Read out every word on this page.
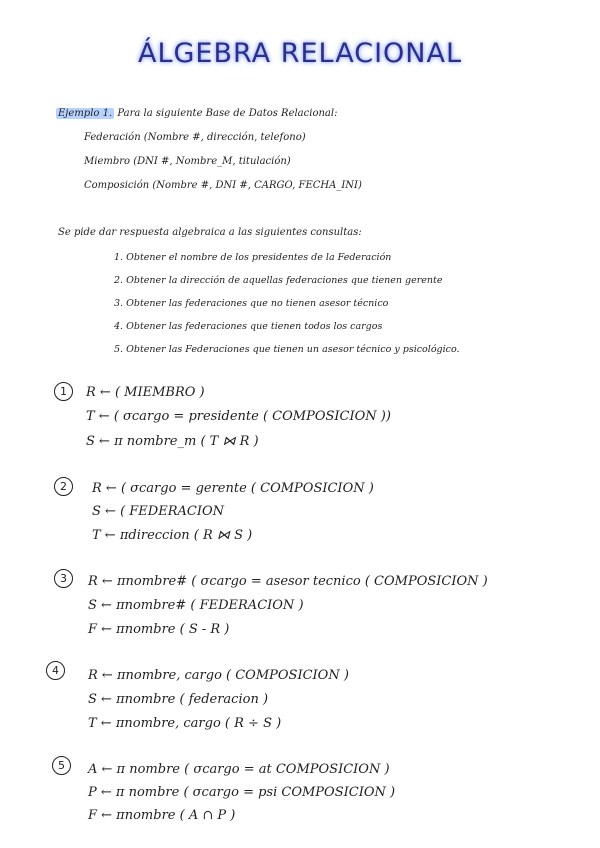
ÁLGEBRA RELACIONAL
Ejemplo 1. Para la siguiente Base de Datos Relacional:
Federación (Nombre #, dirección, telefono)
Miembro (DNI #, Nombre_M, titulación)
Composición (Nombre #, DNI #, CARGO, FECHA_INI)
Se pide dar respuesta algebraica a las siguientes consultas:
1. Obtener el nombre de los presidentes de la Federación
2. Obtener la dirección de aquellas federaciones que tienen gerente
3. Obtener las federaciones que no tienen asesor técnico
4. Obtener las federaciones que tienen todos los cargos
5. Obtener las Federaciones que tienen un asesor técnico y psicológico.
1	R ← ( MIEMBRO )
T ← ( σcargo = presidente ( COMPOSICION ))
S ← π nombre_m ( T ⋈ R )
2	R ← ( σcargo = gerente ( COMPOSICION )
S ← ( FEDERACION
T ← πdireccion ( R ⋈ S )
3	R ← πnombre# ( σcargo = asesor tecnico ( COMPOSICION )
S ← πnombre# ( FEDERACION )
F ← πnombre ( S - R )
4	R ← πnombre, cargo ( COMPOSICION )
S ← πnombre ( federacion )
T ← πnombre, cargo ( R ÷ S )
5	A ← π nombre ( σcargo = at COMPOSICION )
P ← π nombre ( σcargo = psi COMPOSICION )
F ← πnombre ( A ∩ P )
